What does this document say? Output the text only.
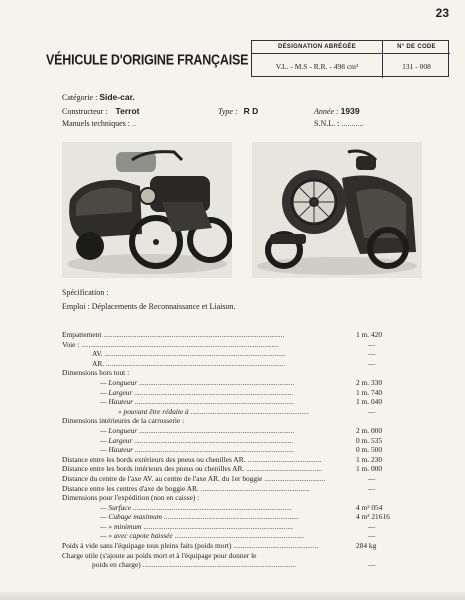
23
VÉHICULE D'ORIGINE FRANÇAISE
DÉSIGNATION ABRÉGÉE	N° DE CODE
V.L. - M.S - R.R. - 498 cm³	131 - 008
Catégorie : Side-car.
Constructeur : Terrot	Type : R D	Année : 1939
Manuels techniques : ..	S.N.L. : ...........
Spécification :
Emploi : Déplacements de Reconnaissance et Liaison.
Empattement ..................................................................................................	1 m. 420
Voie : ...........................................................................................................	—
AV. ..................................................................................................	—
AR. .................................................................................................	—
Dimensions hors tout :
— Longueur ....................................................................................	2 m. 330
— Largeur ......................................................................................	1 m. 740
— Hauteur ......................................................................................	1 m. 040
» pouvant être réduite à ................................................................	—
Dimensions intérieures de la carrosserie :
— Longueur ....................................................................................	2 m. 000
— Largeur ......................................................................................	0 m. 535
— Hauteur ......................................................................................	0 m. 500
Distance entre les bords extérieurs des pneus ou chenilles AR. ........................................	1 m. 230
Distance entre les bords intérieurs des pneus ou chenilles AR. .........................................	1 m. 000
Distance du centre de l'axe AV. au centre de l'axe AR. du 1er boggie .................................	—
Distance entre les centres d'axe de boggie AR. ...........................................................	—
Dimensions pour l'expédition (non en caisse) :
— Surface ......................................................................................	4 m² 054
— Cubage maximum .........................................................................	4 m³ 21616
— » minimum .................................................................................	—
— » avec capote baissée ......................................................................	—
Poids à vide sans l'équipage tous pleins faits (poids mort) ..............................................	284 kg
Charge utile (s'ajoute au poids mort et à l'équipage pour donner le
poids en charge) ...................................................................................	—
